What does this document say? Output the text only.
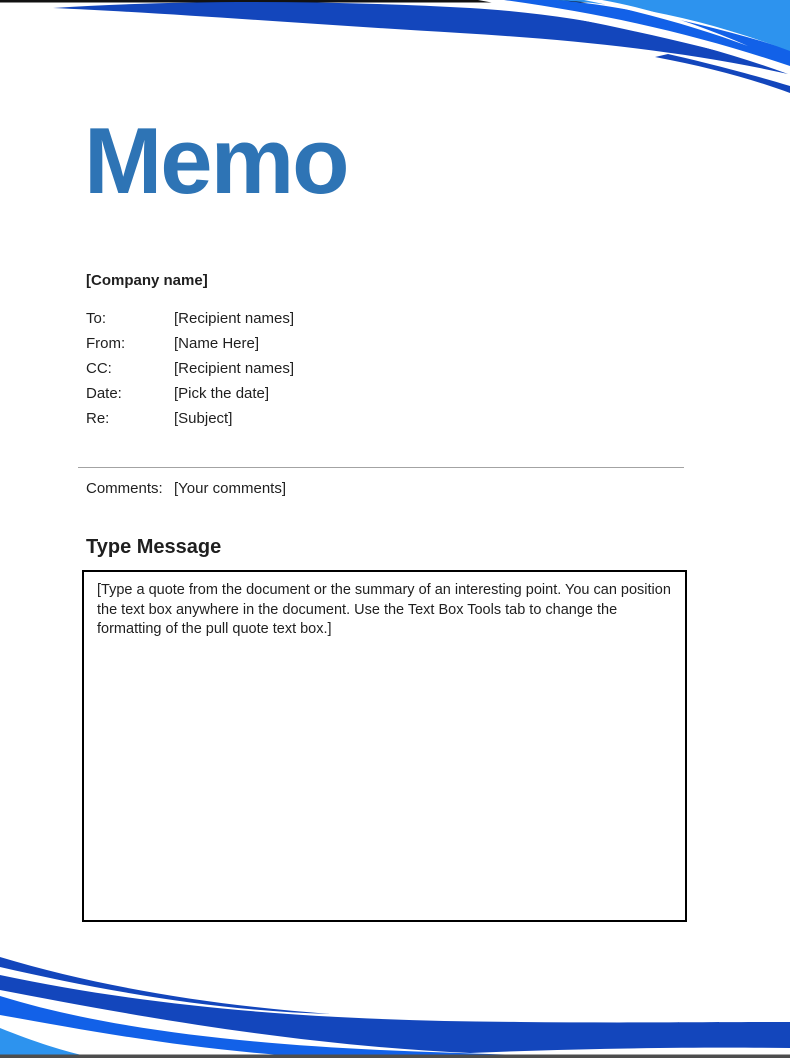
Memo
[Company name]
To:	[Recipient names]
From:	[Name Here]
CC:	[Recipient names]
Date:	[Pick the date]
Re:	[Subject]
Comments: [Your comments]
Type Message
[Type a quote from the document or the summary of an interesting point. You can position the text box anywhere in the document. Use the Text Box Tools tab to change the formatting of the pull quote text box.]
